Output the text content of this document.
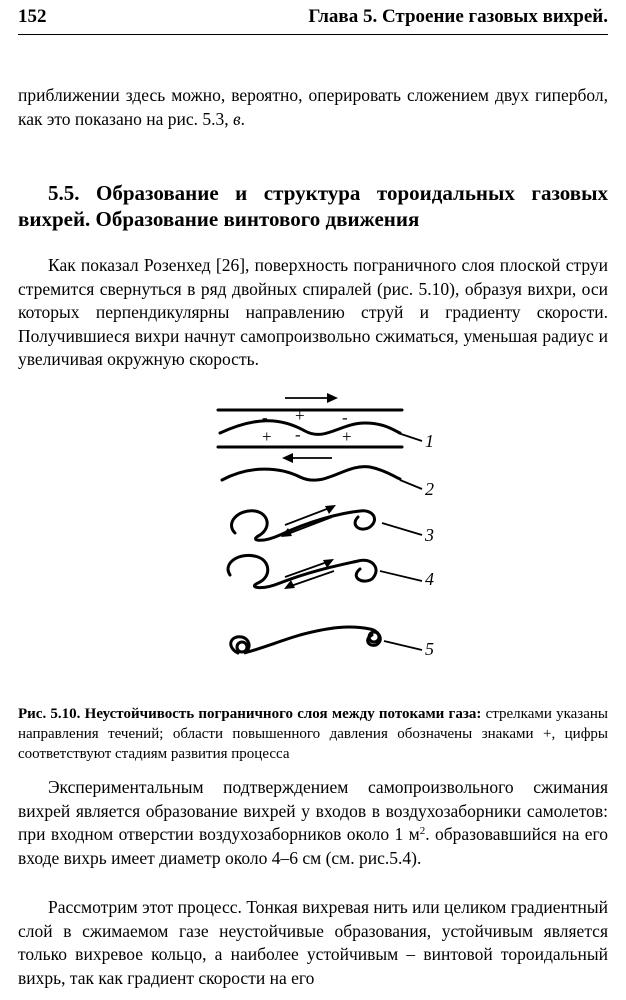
152	Глава 5. Строение газовых вихрей.
приближении здесь можно, вероятно, оперировать сложением двух гипербол, как это показано на рис. 5.3, в.
5.5. Образование и структура тороидальных газовых вихрей. Образование винтового движения
Как показал Розенхед [26], поверхность пограничного слоя плоской струи стремится свернуться в ряд двойных спиралей (рис. 5.10), образуя вихри, оси которых перпендикулярны направлению струй и градиенту скорости. Получившиеся вихри начнут самопроизвольно сжиматься, уменьшая радиус и увеличивая окружную скорость.
- + -
+ - +	1
2
3
4
5
Рис. 5.10. Неустойчивость пограничного слоя между потоками газа: стрелками указаны направления течений; области повышенного давления обозначены знаками +, цифры соответствуют стадиям развития процесса
Экспериментальным подтверждением самопроизвольного сжимания вихрей является образование вихрей у входов в воздухозаборники самолетов: при входном отверстии воздухозаборников около 1 $м^2$. образовавшийся на его входе вихрь имеет диаметр около 4–6 см (см. рис.5.4).
Рассмотрим этот процесс. Тонкая вихревая нить или целиком градиентный слой в сжимаемом газе неустойчивые образования, устойчивым является только вихревое кольцо, а наиболее устойчивым – винтовой тороидальный вихрь, так как градиент скорости на его
